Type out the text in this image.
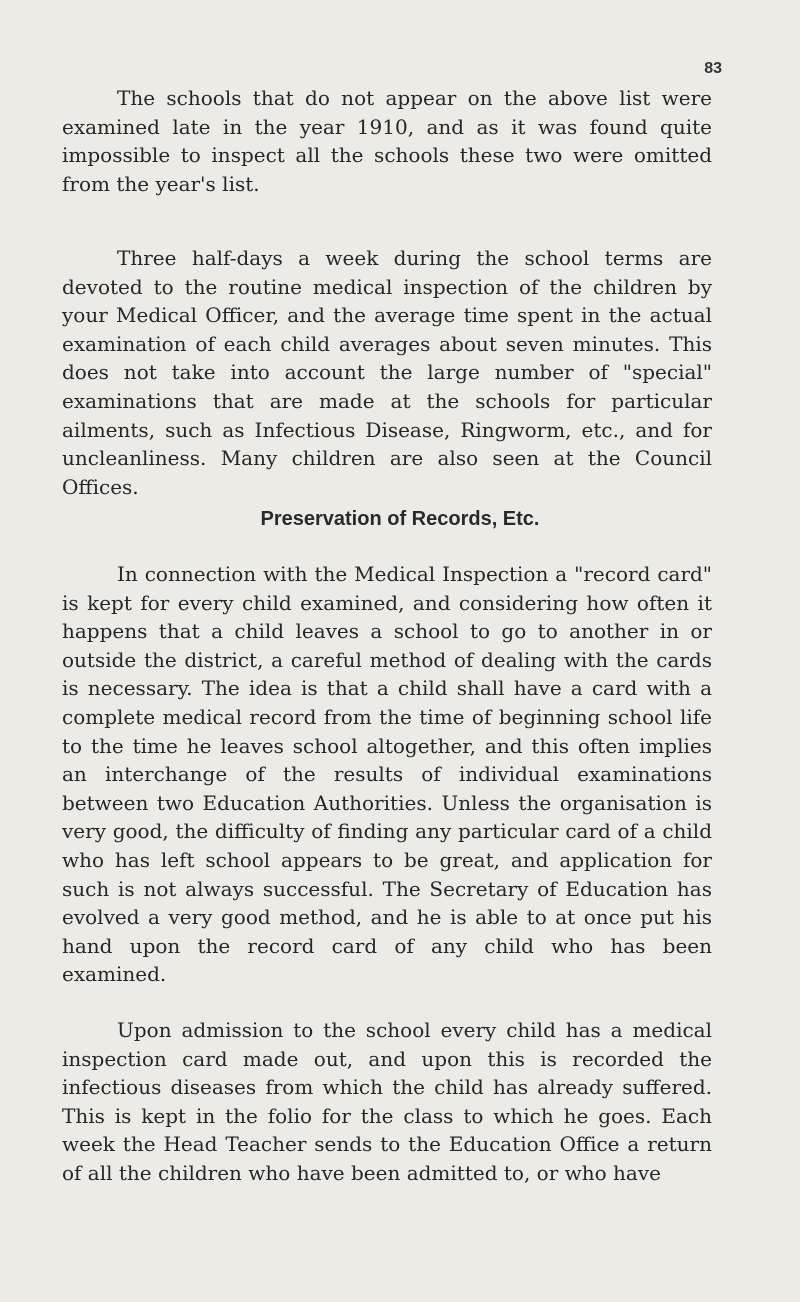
83

The schools that do not appear on the above list were examined late in the year 1910, and as it was found quite impossible to inspect all the schools these two were omitted from the year's list.

Three half-days a week during the school terms are devoted to the routine medical inspection of the children by your Medical Officer, and the average time spent in the actual examination of each child averages about seven minutes. This does not take into account the large number of "special" examinations that are made at the schools for particular ailments, such as Infectious Disease, Ringworm, etc., and for uncleanliness. Many children are also seen at the Council Offices.

Preservation of Records, Etc.

In connection with the Medical Inspection a "record card" is kept for every child examined, and considering how often it happens that a child leaves a school to go to another in or outside the district, a careful method of dealing with the cards is necessary. The idea is that a child shall have a card with a complete medical record from the time of beginning school life to the time he leaves school altogether, and this often implies an interchange of the results of individual examinations between two Education Authorities. Unless the organisation is very good, the difficulty of finding any particular card of a child who has left school appears to be great, and application for such is not always successful. The Secretary of Education has evolved a very good method, and he is able to at once put his hand upon the record card of any child who has been examined.

Upon admission to the school every child has a medical inspection card made out, and upon this is recorded the infectious diseases from which the child has already suffered. This is kept in the folio for the class to which he goes. Each week the Head Teacher sends to the Education Office a return of all the children who have been admitted to, or who have
